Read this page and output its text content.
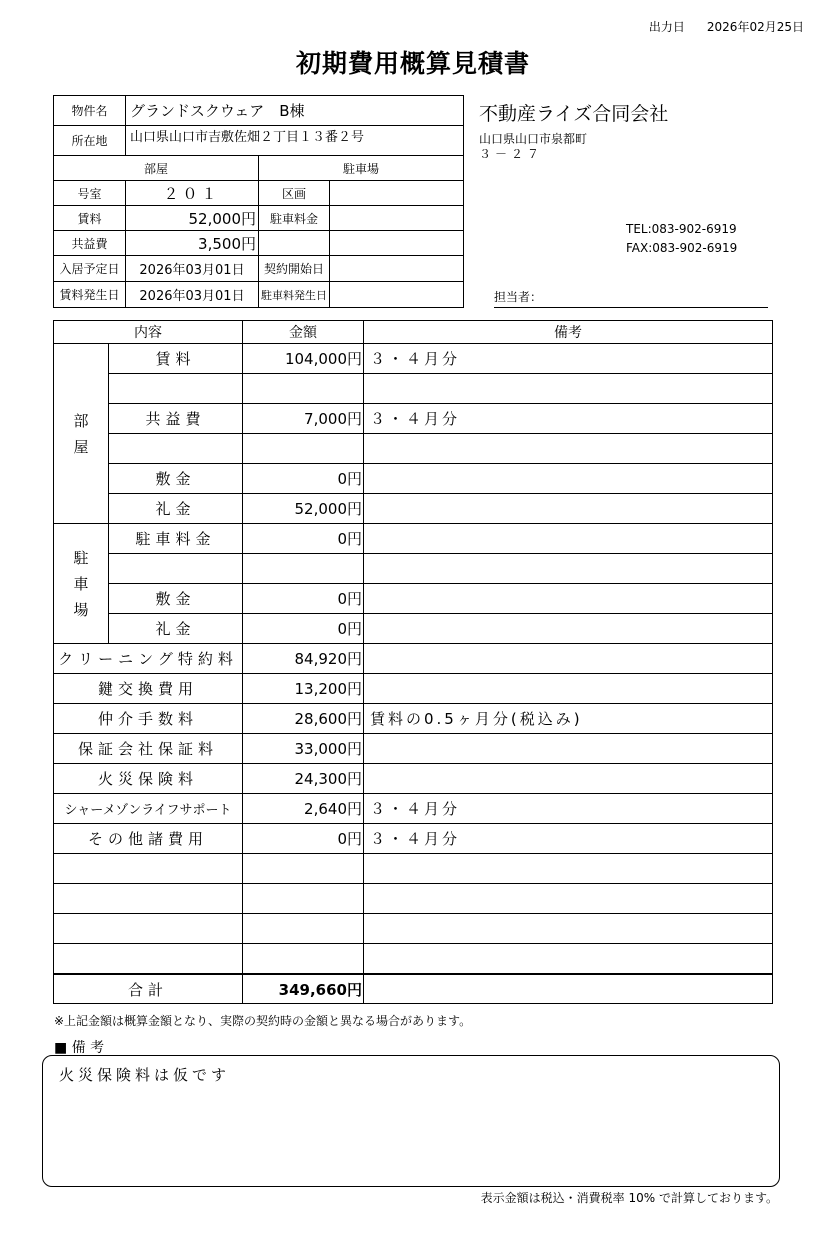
出力日 2026年02月25日
初期費用概算見積書
物件名	グランドスクウェア　B棟		
所在地	山口県山口市吉敷佐畑２丁目１３番２号		
部屋		駐車場	
号室	２０１	区画	
賃料	52,000円	駐車料金	
共益費	3,500円		
入居予定日	2026年03月01日	契約開始日	
賃料発生日	2026年03月01日	駐車料発生日	
不動産ライズ合同会社
山口県山口市泉都町
３－２７
TEL:083-902-6919
FAX:083-902-6919
担当者：
内容		金額	備考
部
屋	賃料	104,000円	３・４月分

	共益費	7,000円	３・４月分

	敷金	0円	
	礼金	52,000円	
駐
車
場	駐車料金	0円	

	敷金	0円	
	礼金	0円	
クリーニング特約料		84,920円	
鍵交換費用		13,200円	
仲介手数料		28,600円	賃料の0.5ヶ月分(税込み)
保証会社保証料		33,000円	
火災保険料		24,300円	
シャーメゾンライフサポート		2,640円	３・４月分
その他諸費用		0円	３・４月分

合計		349,660円	
※上記金額は概算金額となり、実際の契約時の金額と異なる場合があります。
■ 備 考
火災保険料は仮です
表示金額は税込・消費税率 10% で計算しております。
